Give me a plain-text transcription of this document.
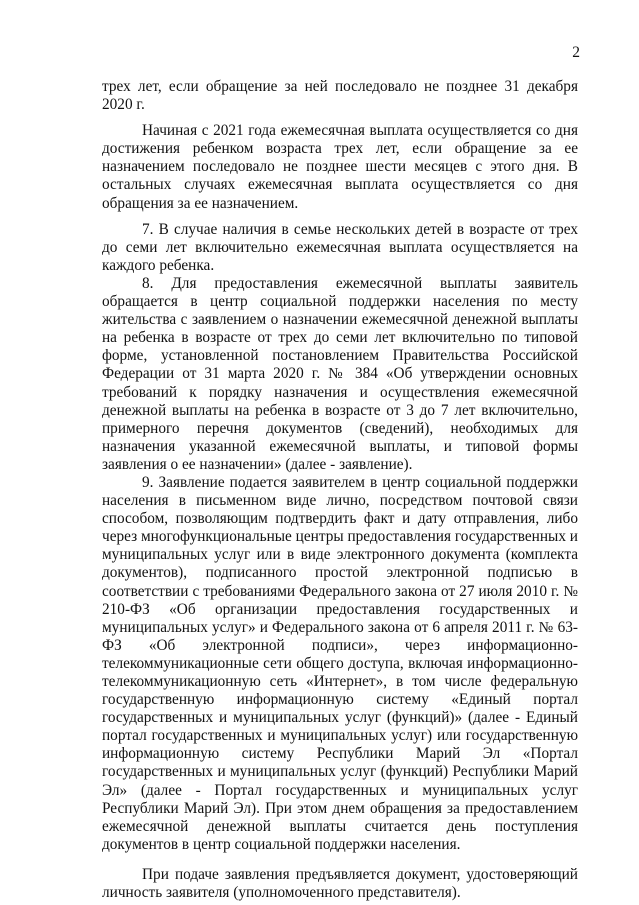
2

трех лет, если обращение за ней последовало не позднее 31 декабря 2020 г.

Начиная с 2021 года ежемесячная выплата осуществляется со дня достижения ребенком возраста трех лет, если обращение за ее назначением последовало не позднее шести месяцев с этого дня. В остальных случаях ежемесячная выплата осуществляется со дня обращения за ее назначением.

7. В случае наличия в семье нескольких детей в возрасте от трех до семи лет включительно ежемесячная выплата осуществляется на каждого ребенка.

8. Для предоставления ежемесячной выплаты заявитель обращается в центр социальной поддержки населения по месту жительства с заявлением о назначении ежемесячной денежной выплаты на ребенка в возрасте от трех до семи лет включительно по типовой форме, установленной постановлением Правительства Российской Федерации от 31 марта 2020 г. № 384 «Об утверждении основных требований к порядку назначения и осуществления ежемесячной денежной выплаты на ребенка в возрасте от 3 до 7 лет включительно, примерного перечня документов (сведений), необходимых для назначения указанной ежемесячной выплаты, и типовой формы заявления о ее назначении» (далее - заявление).

9. Заявление подается заявителем в центр социальной поддержки населения в письменном виде лично, посредством почтовой связи способом, позволяющим подтвердить факт и дату отправления, либо через многофункциональные центры предоставления государственных и муниципальных услуг или в виде электронного документа (комплекта документов), подписанного простой электронной подписью в соответствии с требованиями Федерального закона от 27 июля 2010 г. № 210-ФЗ «Об организации предоставления государственных и муниципальных услуг» и Федерального закона от 6 апреля 2011 г. № 63-ФЗ «Об электронной подписи», через информационно-телекоммуникационные сети общего доступа, включая информационно-телекоммуникационную сеть «Интернет», в том числе федеральную государственную информационную систему «Единый портал государственных и муниципальных услуг (функций)» (далее - Единый портал государственных и муниципальных услуг) или государственную информационную систему Республики Марий Эл «Портал государственных и муниципальных услуг (функций) Республики Марий Эл» (далее - Портал государственных и муниципальных услуг Республики Марий Эл). При этом днем обращения за предоставлением ежемесячной денежной выплаты считается день поступления документов в центр социальной поддержки населения.

При подаче заявления предъявляется документ, удостоверяющий личность заявителя (уполномоченного представителя).
